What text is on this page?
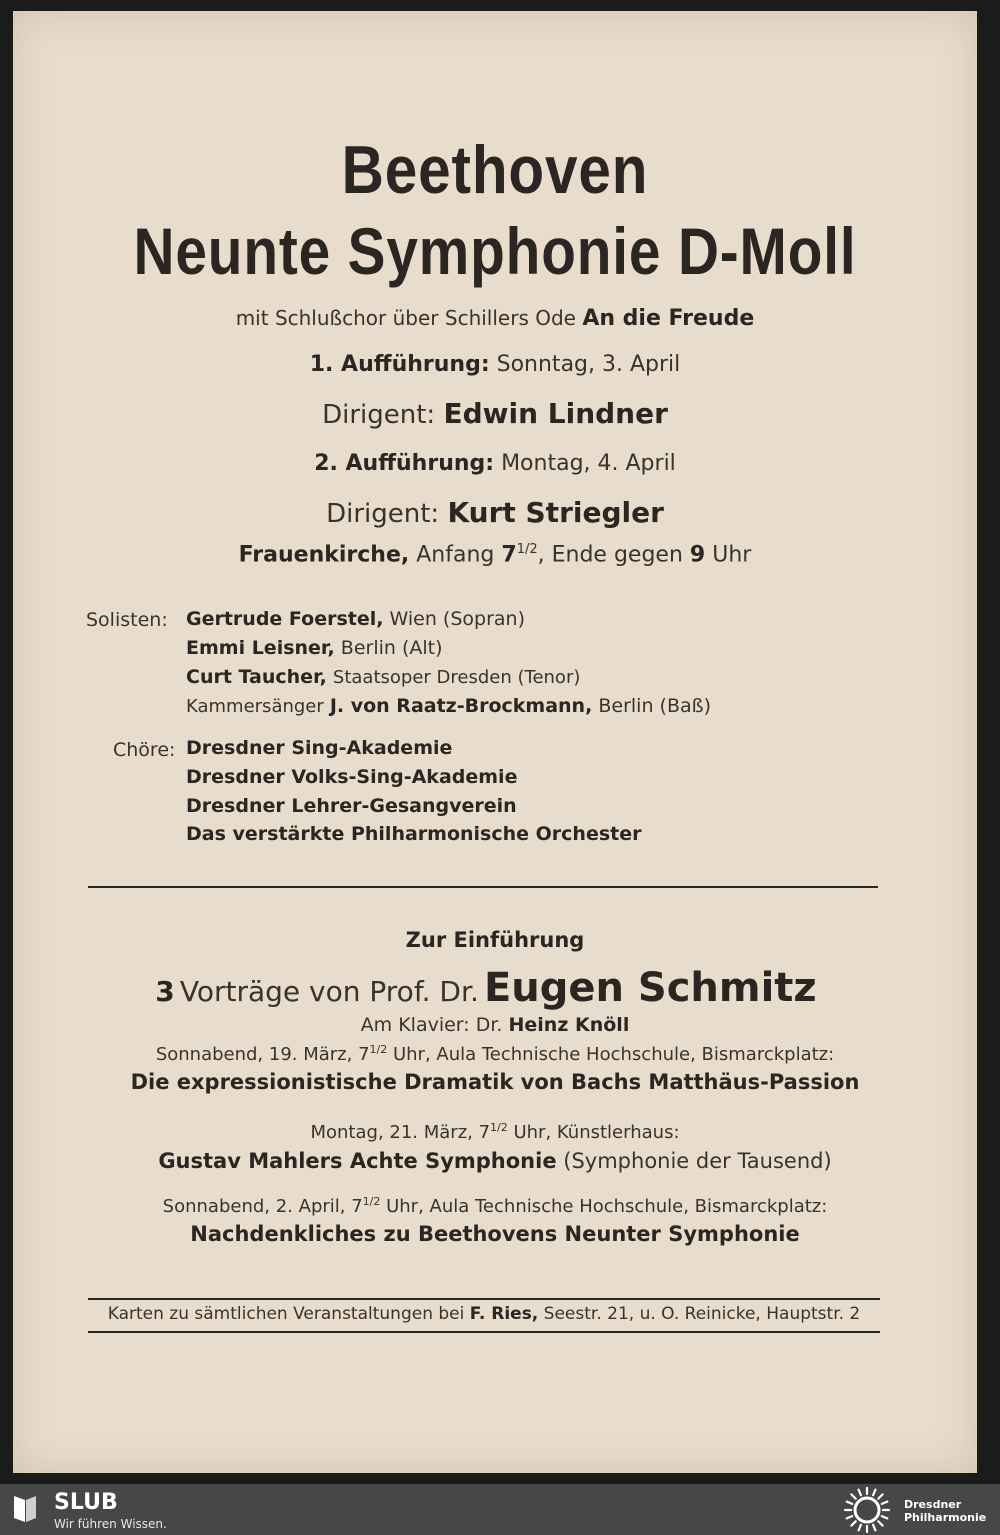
Beethoven
Neunte Symphonie D-Moll
mit Schlußchor über Schillers Ode An die Freude
1. Aufführung: Sonntag, 3. April
Dirigent: Edwin Lindner
2. Aufführung: Montag, 4. April
Dirigent: Kurt Striegler
Frauenkirche, Anfang $7^{1/2}$, Ende gegen 9 Uhr
Solisten: Gertrude Foerstel, Wien (Sopran)
Emmi Leisner, Berlin (Alt)
Curt Taucher, Staatsoper Dresden (Tenor)
Kammersänger J. von Raatz-Brockmann, Berlin (Baß)
Chöre: Dresdner Sing-Akademie
Dresdner Volks-Sing-Akademie
Dresdner Lehrer-Gesangverein
Das verstärkte Philharmonische Orchester
Zur Einführung
3 Vorträge von Prof. Dr. Eugen Schmitz
Am Klavier: Dr. Heinz Knöll
Sonnabend, 19. März, $7^{1/2}$ Uhr, Aula Technische Hochschule, Bismarckplatz:
Die expressionistische Dramatik von Bachs Matthäus-Passion
Montag, 21. März, $7^{1/2}$ Uhr, Künstlerhaus:
Gustav Mahlers Achte Symphonie (Symphonie der Tausend)
Sonnabend, 2. April, $7^{1/2}$ Uhr, Aula Technische Hochschule, Bismarckplatz:
Nachdenkliches zu Beethovens Neunter Symphonie
Karten zu sämtlichen Veranstaltungen bei F. Ries, Seestr. 21, u. O. Reinicke, Hauptstr. 2
SLUB
Wir führen Wissen.
Dresdner
Philharmonie
